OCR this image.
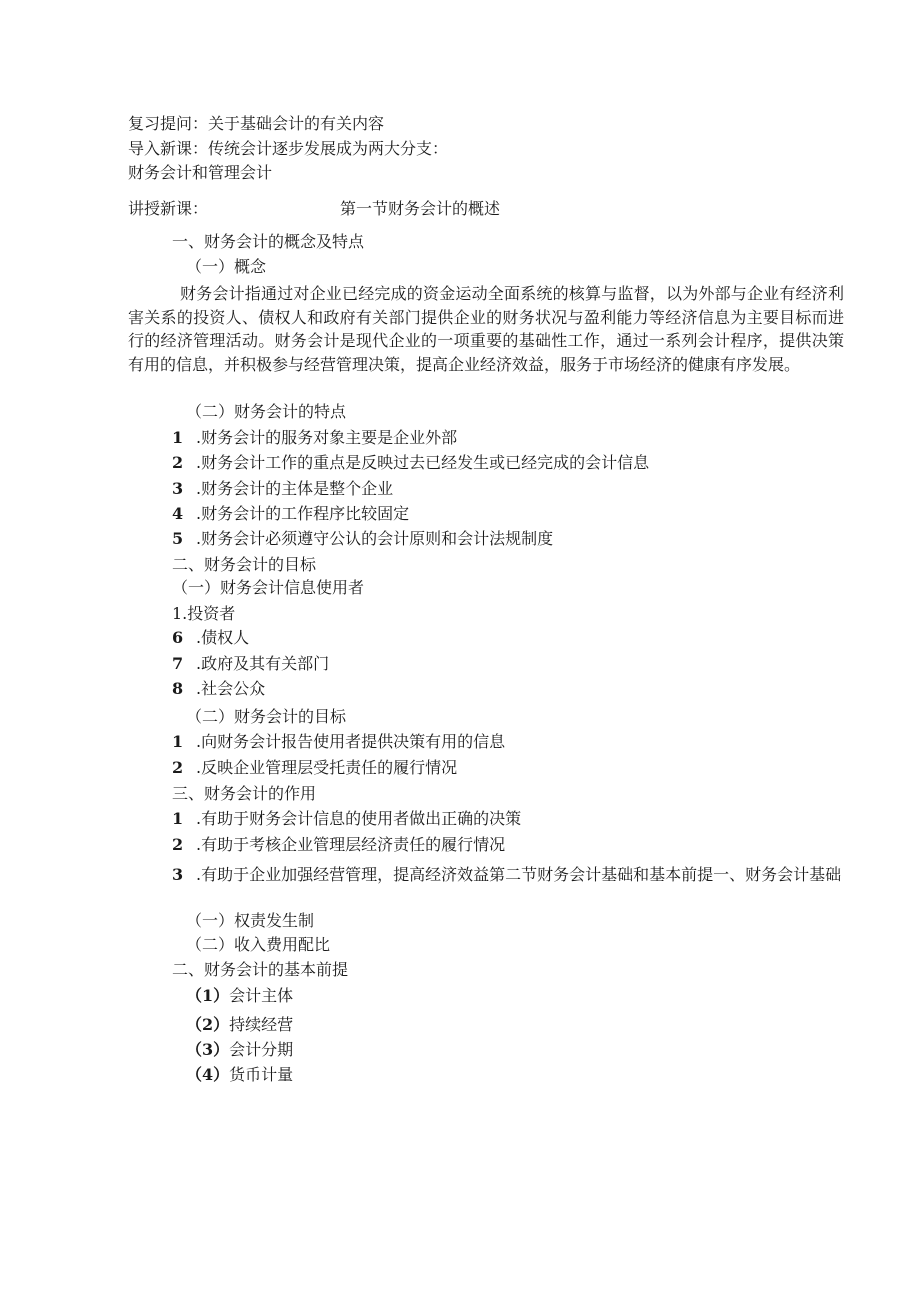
复习提问：关于基础会计的有关内容
导入新课：传统会计逐步发展成为两大分支：
财务会计和管理会计
讲授新课：	第一节财务会计的概述
一、财务会计的概念及特点
（一）概念
财务会计指通过对企业已经完成的资金运动全面系统的核算与监督，以为外部与企业有经济利害关系的投资人、债权人和政府有关部门提供企业的财务状况与盈利能力等经济信息为主要目标而进行的经济管理活动。财务会计是现代企业的一项重要的基础性工作，通过一系列会计程序，提供决策有用的信息，并积极参与经营管理决策，提高企业经济效益，服务于市场经济的健康有序发展。
（二）财务会计的特点
1 .财务会计的服务对象主要是企业外部
2 .财务会计工作的重点是反映过去已经发生或已经完成的会计信息
3 .财务会计的主体是整个企业
4 .财务会计的工作程序比较固定
5 .财务会计必须遵守公认的会计原则和会计法规制度
二、财务会计的目标
（一）财务会计信息使用者
1.投资者
6 .债权人
7 .政府及其有关部门
8 .社会公众
（二）财务会计的目标
1 .向财务会计报告使用者提供决策有用的信息
2 .反映企业管理层受托责任的履行情况
三、财务会计的作用
1 .有助于财务会计信息的使用者做出正确的决策
2 .有助于考核企业管理层经济责任的履行情况
3 .有助于企业加强经营管理，提高经济效益第二节财务会计基础和基本前提一、财务会计基础
（一）权责发生制
（二）收入费用配比
二、财务会计的基本前提
（1）会计主体
（2）持续经营
（3）会计分期
（4）货币计量
